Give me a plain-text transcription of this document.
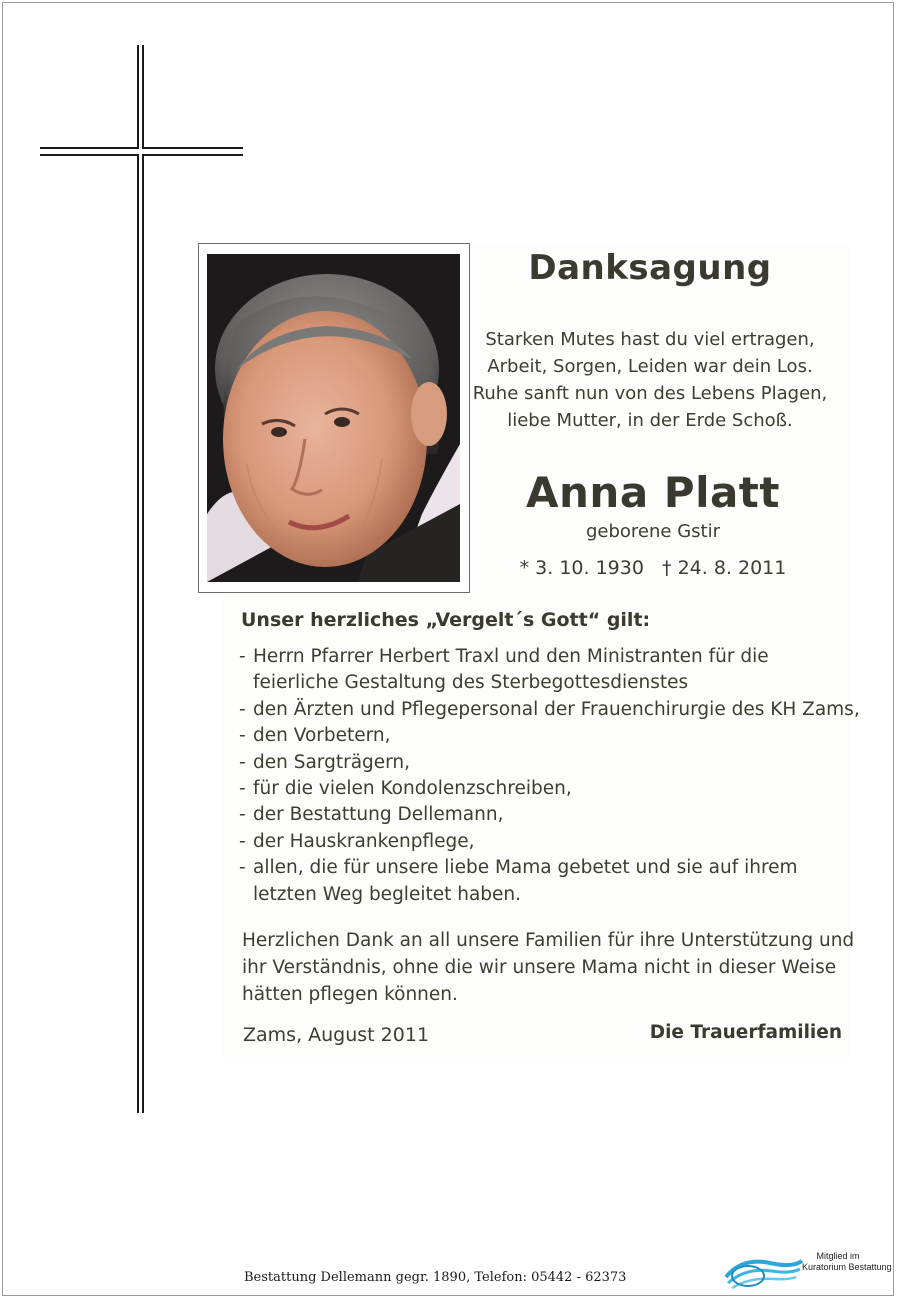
Danksagung
Starken Mutes hast du viel ertragen,
Arbeit, Sorgen, Leiden war dein Los.
Ruhe sanft nun von des Lebens Plagen,
liebe Mutter, in der Erde Schoß.
Anna Platt
geborene Gstir
* 3. 10. 1930   † 24. 8. 2011
Unser herzliches „Vergelt´s Gott“ gilt:
- Herrn Pfarrer Herbert Traxl und den Ministranten für die
feierliche Gestaltung des Sterbegottesdienstes
- den Ärzten und Pflegepersonal der Frauenchirurgie des KH Zams,
- den Vorbetern,
- den Sargträgern,
- für die vielen Kondolenzschreiben,
- der Bestattung Dellemann,
- der Hauskrankenpflege,
- allen, die für unsere liebe Mama gebetet und sie auf ihrem
letzten Weg begleitet haben.
Herzlichen Dank an all unsere Familien für ihre Unterstützung und
ihr Verständnis, ohne die wir unsere Mama nicht in dieser Weise
hätten pflegen können.
Zams, August 2011	Die Trauerfamilien
Bestattung Dellemann gegr. 1890, Telefon: 05442 - 62373
Mitglied im
Kuratorium Bestattung
